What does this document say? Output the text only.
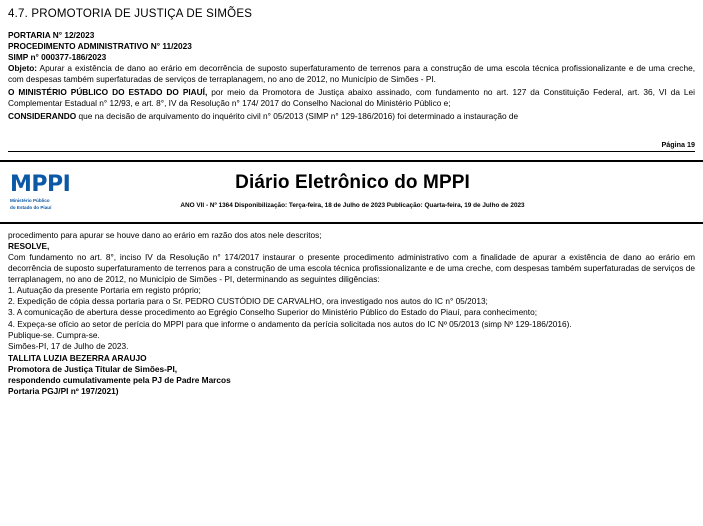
4.7. PROMOTORIA DE JUSTIÇA DE SIMÕES
PORTARIA N° 12/2023
PROCEDIMENTO ADMINISTRATIVO N° 11/2023
SIMP n° 000377-186/2023

Objeto: Apurar a existência de dano ao erário em decorrência de suposto superfaturamento de terrenos para a construção de uma escola técnica profissionalizante e de uma creche, com despesas também superfaturadas de serviços de terraplanagem, no ano de 2012, no Município de Simões - PI.

O MINISTÉRIO PÚBLICO DO ESTADO DO PIAUÍ, por meio da Promotora de Justiça abaixo assinado, com fundamento no art. 127 da Constituição Federal, art. 36, VI da Lei Complementar Estadual n° 12/93, e art. 8°, IV da Resolução n° 174/ 2017 do Conselho Nacional do Ministério Público e;

CONSIDERANDO que na decisão de arquivamento do inquérito civil n° 05/2013 (SIMP n° 129-186/2016) foi determinado a instauração de

Página 19
MPPI
Ministério Público
do Estado do Piauí
Diário Eletrônico do MPPI
ANO VII - Nº 1364 Disponibilização: Terça-feira, 18 de Julho de 2023 Publicação: Quarta-feira, 19 de Julho de 2023

procedimento para apurar se houve dano ao erário em razão dos atos nele descritos;

RESOLVE,

Com fundamento no art. 8°, inciso IV da Resolução n° 174/2017 instaurar o presente procedimento administrativo com a finalidade de apurar a existência de dano ao erário em decorrência de suposto superfaturamento de terrenos para a construção de uma escola técnica profissionalizante e de uma creche, com despesas também superfaturadas de serviços de terraplanagem, no ano de 2012, no Município de Simões - PI, determinando as seguintes diligências:

1. Autuação da presente Portaria em registo próprio;

2. Expedição de cópia dessa portaria para o Sr. PEDRO CUSTÓDIO DE CARVALHO, ora investigado nos autos do IC n° 05/2013;

3. A comunicação de abertura desse procedimento ao Egrégio Conselho Superior do Ministério Público do Estado do Piauí, para conhecimento;

4. Expeça-se ofício ao setor de perícia do MPPI para que informe o andamento da perícia solicitada nos autos do IC Nº 05/2013 (simp Nº 129-186/2016).

Publique-se. Cumpra-se.

Simões-PI, 17 de Julho de 2023.

TALLITA LUZIA BEZERRA ARAUJO
Promotora de Justiça Titular de Simões-PI,
respondendo cumulativamente pela PJ de Padre Marcos
Portaria PGJ/PI nº 197/2021)
